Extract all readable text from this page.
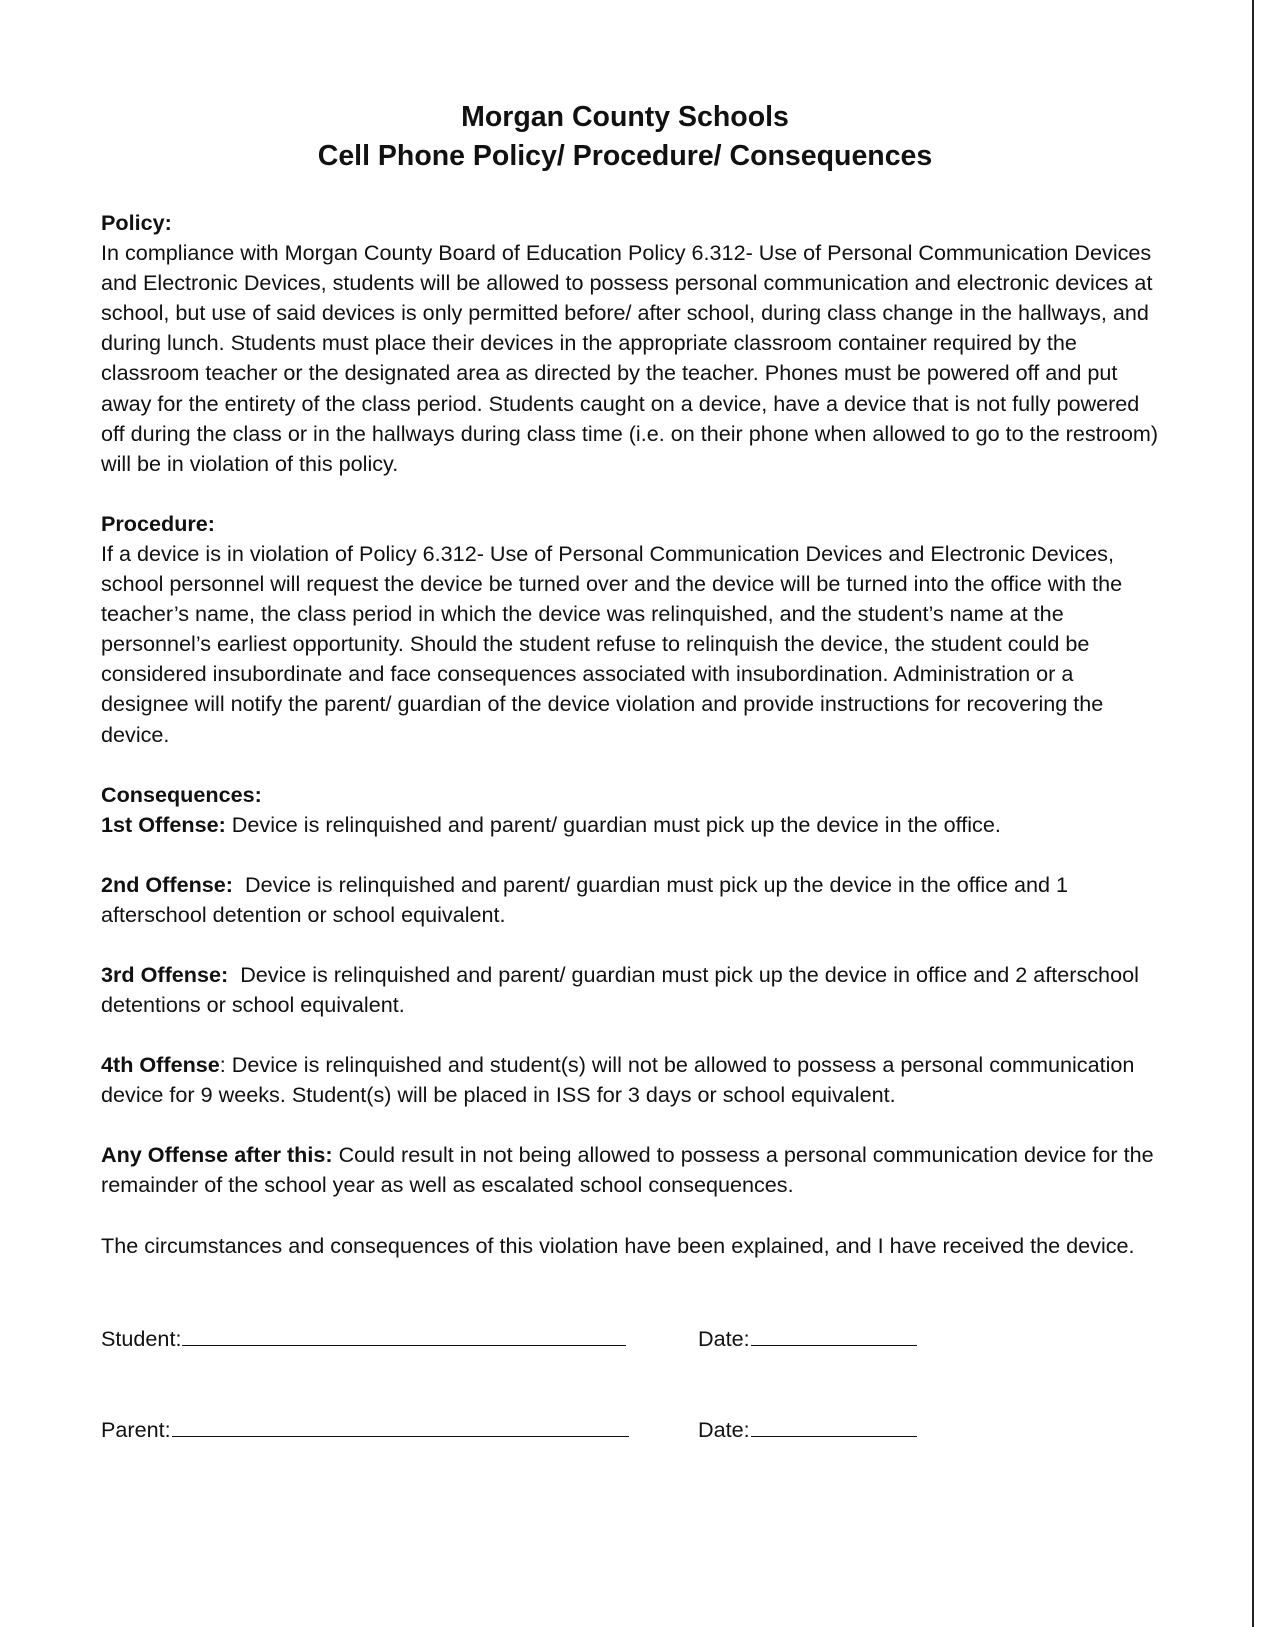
Morgan County Schools
Cell Phone Policy/ Procedure/ Consequences
Policy:
In compliance with Morgan County Board of Education Policy 6.312- Use of Personal Communication Devices and Electronic Devices, students will be allowed to possess personal communication and electronic devices at school, but use of said devices is only permitted before/ after school, during class change in the hallways, and during lunch. Students must place their devices in the appropriate classroom container required by the classroom teacher or the designated area as directed by the teacher. Phones must be powered off and put away for the entirety of the class period. Students caught on a device, have a device that is not fully powered off during the class or in the hallways during class time (i.e. on their phone when allowed to go to the restroom) will be in violation of this policy.
Procedure:
If a device is in violation of Policy 6.312- Use of Personal Communication Devices and Electronic Devices, school personnel will request the device be turned over and the device will be turned into the office with the teacher’s name, the class period in which the device was relinquished, and the student’s name at the personnel’s earliest opportunity. Should the student refuse to relinquish the device, the student could be considered insubordinate and face consequences associated with insubordination. Administration or a designee will notify the parent/ guardian of the device violation and provide instructions for recovering the device.
Consequences:
1st Offense: Device is relinquished and parent/ guardian must pick up the device in the office.
2nd Offense:  Device is relinquished and parent/ guardian must pick up the device in the office and 1 afterschool detention or school equivalent.
3rd Offense:  Device is relinquished and parent/ guardian must pick up the device in office and 2 afterschool detentions or school equivalent.
4th Offense: Device is relinquished and student(s) will not be allowed to possess a personal communication device for 9 weeks. Student(s) will be placed in ISS for 3 days or school equivalent.
Any Offense after this: Could result in not being allowed to possess a personal communication device for the remainder of the school year as well as escalated school consequences.
The circumstances and consequences of this violation have been explained, and I have received the device.
Student:	Date:
Parent:	Date:
